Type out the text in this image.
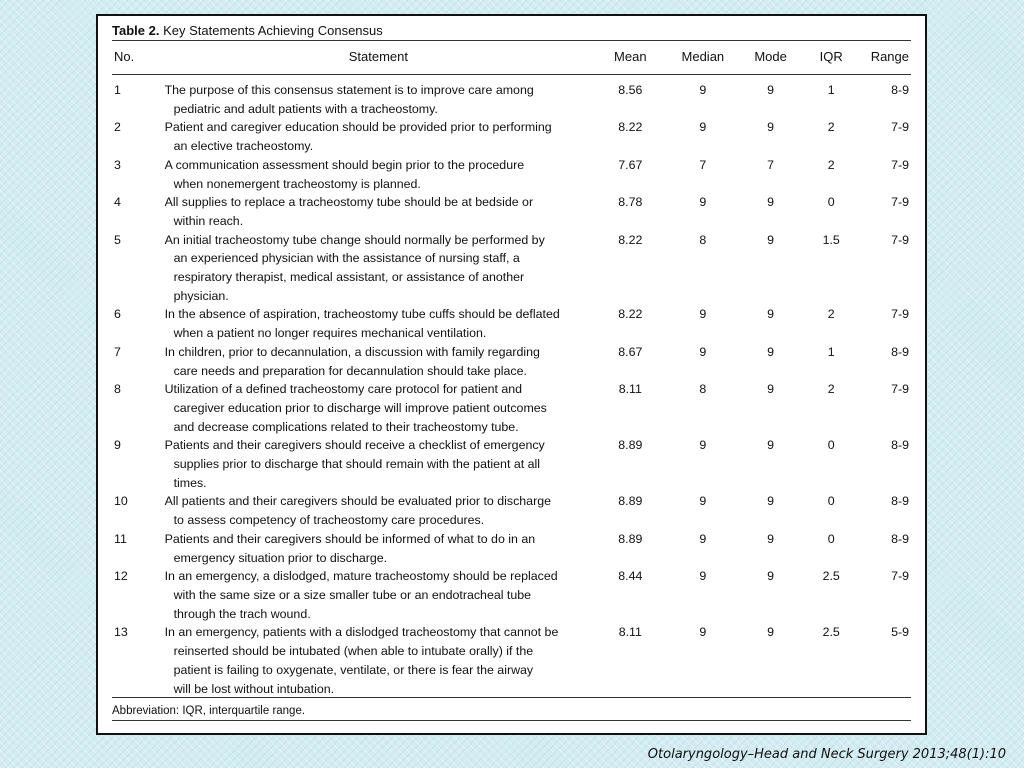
Table 2. Key Statements Achieving Consensus
No.	Statement	Mean	Median	Mode	IQR	Range
1	The purpose of this consensus statement is to improve care among
pediatric and adult patients with a tracheostomy.
8.56	9	9	1	8-9
2	Patient and caregiver education should be provided prior to performing
an elective tracheostomy.
8.22	9	9	2	7-9
3	A communication assessment should begin prior to the procedure
when nonemergent tracheostomy is planned.
7.67	7	7	2	7-9
4	All supplies to replace a tracheostomy tube should be at bedside or
within reach.
8.78	9	9	0	7-9
5	An initial tracheostomy tube change should normally be performed by
an experienced physician with the assistance of nursing staff, a
respiratory therapist, medical assistant, or assistance of another
physician.
8.22	8	9	1.5	7-9
6	In the absence of aspiration, tracheostomy tube cuffs should be deflated
when a patient no longer requires mechanical ventilation.
8.22	9	9	2	7-9
7	In children, prior to decannulation, a discussion with family regarding
care needs and preparation for decannulation should take place.
8.67	9	9	1	8-9
8	Utilization of a defined tracheostomy care protocol for patient and
caregiver education prior to discharge will improve patient outcomes
and decrease complications related to their tracheostomy tube.
8.11	8	9	2	7-9
9	Patients and their caregivers should receive a checklist of emergency
supplies prior to discharge that should remain with the patient at all
times.
8.89	9	9	0	8-9
10	All patients and their caregivers should be evaluated prior to discharge
to assess competency of tracheostomy care procedures.
8.89	9	9	0	8-9
11	Patients and their caregivers should be informed of what to do in an
emergency situation prior to discharge.
8.89	9	9	0	8-9
12	In an emergency, a dislodged, mature tracheostomy should be replaced
with the same size or a size smaller tube or an endotracheal tube
through the trach wound.
8.44	9	9	2.5	7-9
13	In an emergency, patients with a dislodged tracheostomy that cannot be
reinserted should be intubated (when able to intubate orally) if the
patient is failing to oxygenate, ventilate, or there is fear the airway
will be lost without intubation.
8.11	9	9	2.5	5-9
Abbreviation: IQR, interquartile range.
Otolaryngology–Head and Neck Surgery 2013;48(1):10
